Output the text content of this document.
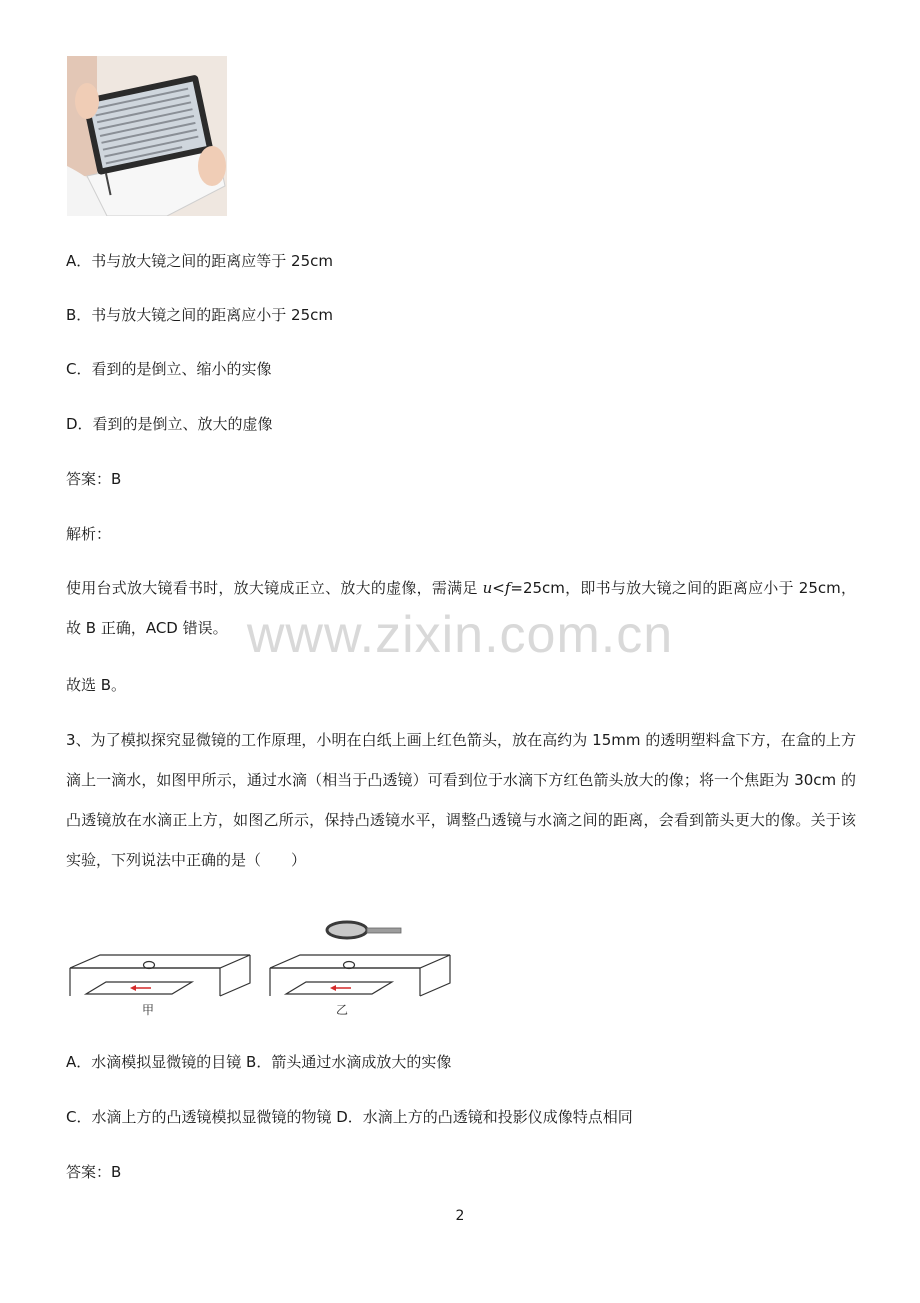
A．书与放大镜之间的距离应等于 25cm
B．书与放大镜之间的距离应小于 25cm
C．看到的是倒立、缩小的实像
D．看到的是倒立、放大的虚像
答案：B
解析：

使用台式放大镜看书时，放大镜成正立、放大的虚像，需满足 u<f=25cm，即书与放大镜之间的距离应小于 25cm，故 B 正确，ACD 错误。

故选 B。
www.zixin.com.cn

3、为了模拟探究显微镜的工作原理，小明在白纸上画上红色箭头，放在高约为 15mm 的透明塑料盒下方，在盒的上方滴上一滴水，如图甲所示，通过水滴（相当于凸透镜）可看到位于水滴下方红色箭头放大的像；将一个焦距为 30cm 的凸透镜放在水滴正上方，如图乙所示，保持凸透镜水平，调整凸透镜与水滴之间的距离，会看到箭头更大的像。关于该实验，下列说法中正确的是（　　）

甲	乙
A．水滴模拟显微镜的目镜 B．箭头通过水滴成放大的实像
C．水滴上方的凸透镜模拟显微镜的物镜 D．水滴上方的凸透镜和投影仪成像特点相同
答案：B
2
